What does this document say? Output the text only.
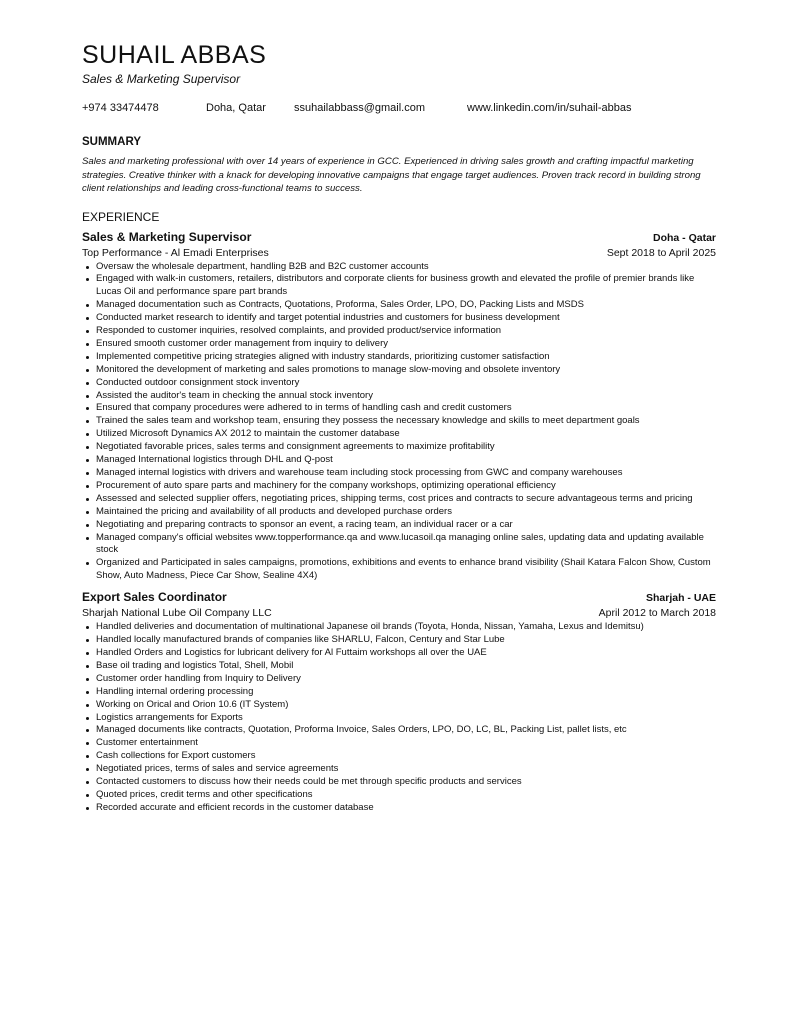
SUHAIL ABBAS
Sales & Marketing Supervisor
+974 33474478	Doha, Qatar	ssuhailabbass@gmail.com	www.linkedin.com/in/suhail-abbas
SUMMARY
Sales and marketing professional with over 14 years of experience in GCC. Experienced in driving sales growth and crafting impactful marketing strategies. Creative thinker with a knack for developing innovative campaigns that engage target audiences. Proven track record in building strong client relationships and leading cross-functional teams to success.
EXPERIENCE
Sales & Marketing Supervisor	Doha - Qatar
Top Performance - Al Emadi Enterprises	Sept 2018 to April 2025
Oversaw the wholesale department, handling B2B and B2C customer accounts
Engaged with walk-in customers, retailers, distributors and corporate clients for business growth and elevated the profile of premier brands like Lucas Oil and performance spare part brands
Managed documentation such as Contracts, Quotations, Proforma, Sales Order, LPO, DO, Packing Lists and MSDS
Conducted market research to identify and target potential industries and customers for business development
Responded to customer inquiries, resolved complaints, and provided product/service information
Ensured smooth customer order management from inquiry to delivery
Implemented competitive pricing strategies aligned with industry standards, prioritizing customer satisfaction
Monitored the development of marketing and sales promotions to manage slow-moving and obsolete inventory
Conducted outdoor consignment stock inventory
Assisted the auditor's team in checking the annual stock inventory
Ensured that company procedures were adhered to in terms of handling cash and credit customers
Trained the sales team and workshop team, ensuring they possess the necessary knowledge and skills to meet department goals
Utilized Microsoft Dynamics AX 2012 to maintain the customer database
Negotiated favorable prices, sales terms and consignment agreements to maximize profitability
Managed International logistics through DHL and Q-post
Managed internal logistics with drivers and warehouse team including stock processing from GWC and company warehouses
Procurement of auto spare parts and machinery for the company workshops, optimizing operational efficiency
Assessed and selected supplier offers, negotiating prices, shipping terms, cost prices and contracts to secure advantageous terms and pricing
Maintained the pricing and availability of all products and developed purchase orders
Negotiating and preparing contracts to sponsor an event, a racing team, an individual racer or a car
Managed company's official websites www.topperformance.qa and www.lucasoil.qa managing online sales, updating data and updating available stock
Organized and Participated in sales campaigns, promotions, exhibitions and events to enhance brand visibility (Shail Katara Falcon Show, Custom Show, Auto Madness, Piece Car Show, Sealine 4X4)
Export Sales Coordinator	Sharjah - UAE
Sharjah National Lube Oil Company LLC	April 2012 to March 2018
Handled deliveries and documentation of multinational Japanese oil brands (Toyota, Honda, Nissan, Yamaha, Lexus and Idemitsu)
Handled locally manufactured brands of companies like SHARLU, Falcon, Century and Star Lube
Handled Orders and Logistics for lubricant delivery for Al Futtaim workshops all over the UAE
Base oil trading and logistics Total, Shell, Mobil
Customer order handling from Inquiry to Delivery
Handling internal ordering processing
Working on Orical and Orion 10.6 (IT System)
Logistics arrangements for Exports
Managed documents like contracts, Quotation, Proforma Invoice, Sales Orders, LPO, DO, LC, BL, Packing List, pallet lists, etc
Customer entertainment
Cash collections for Export customers
Negotiated prices, terms of sales and service agreements
Contacted customers to discuss how their needs could be met through specific products and services
Quoted prices, credit terms and other specifications
Recorded accurate and efficient records in the customer database
